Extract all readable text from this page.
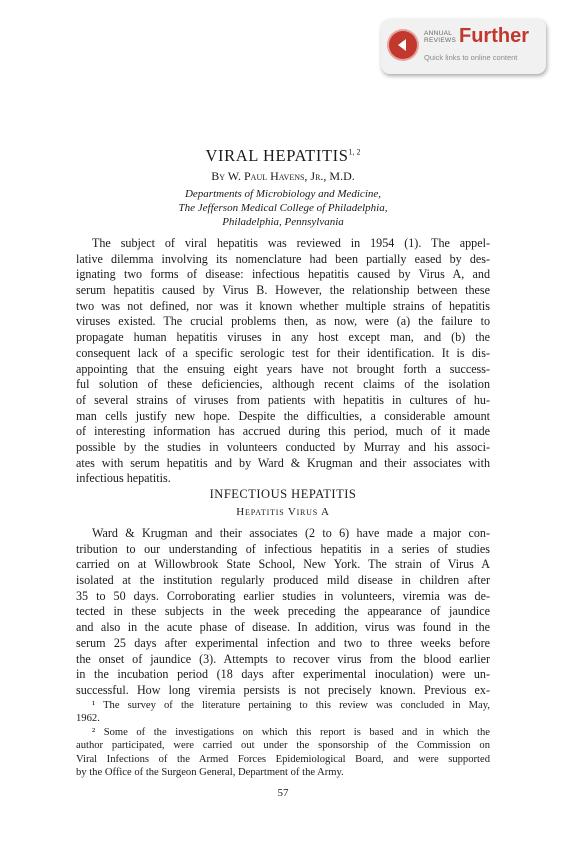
ANNUAL
REVIEWS Further
Quick links to online content
VIRAL HEPATITIS$^{1, 2}$
By W. Paul Havens, Jr., M.D.
Departments of Microbiology and Medicine,
The Jefferson Medical College of Philadelphia,
Philadelphia, Pennsylvania
The subject of viral hepatitis was reviewed in 1954 (1). The appel-
lative dilemma involving its nomenclature had been partially eased by des-
ignating two forms of disease: infectious hepatitis caused by Virus A, and
serum hepatitis caused by Virus B. However, the relationship between these
two was not defined, nor was it known whether multiple strains of hepatitis
viruses existed. The crucial problems then, as now, were (a) the failure to
propagate human hepatitis viruses in any host except man, and (b) the
consequent lack of a specific serologic test for their identification. It is dis-
appointing that the ensuing eight years have not brought forth a success-
ful solution of these deficiencies, although recent claims of the isolation
of several strains of viruses from patients with hepatitis in cultures of hu-
man cells justify new hope. Despite the difficulties, a considerable amount
of interesting information has accrued during this period, much of it made
possible by the studies in volunteers conducted by Murray and his associ-
ates with serum hepatitis and by Ward & Krugman and their associates with
infectious hepatitis.
INFECTIOUS HEPATITIS
Hepatitis Virus A
Ward & Krugman and their associates (2 to 6) have made a major con-
tribution to our understanding of infectious hepatitis in a series of studies
carried on at Willowbrook State School, New York. The strain of Virus A
isolated at the institution regularly produced mild disease in children after
35 to 50 days. Corroborating earlier studies in volunteers, viremia was de-
tected in these subjects in the week preceding the appearance of jaundice
and also in the acute phase of disease. In addition, virus was found in the
serum 25 days after experimental infection and two to three weeks before
the onset of jaundice (3). Attempts to recover virus from the blood earlier
in the incubation period (18 days after experimental inoculation) were un-
successful. How long viremia persists is not precisely known. Previous ex-
¹ The survey of the literature pertaining to this review was concluded in May,
1962.
² Some of the investigations on which this report is based and in which the
author participated, were carried out under the sponsorship of the Commission on
Viral Infections of the Armed Forces Epidemiological Board, and were supported
by the Office of the Surgeon General, Department of the Army.
57
